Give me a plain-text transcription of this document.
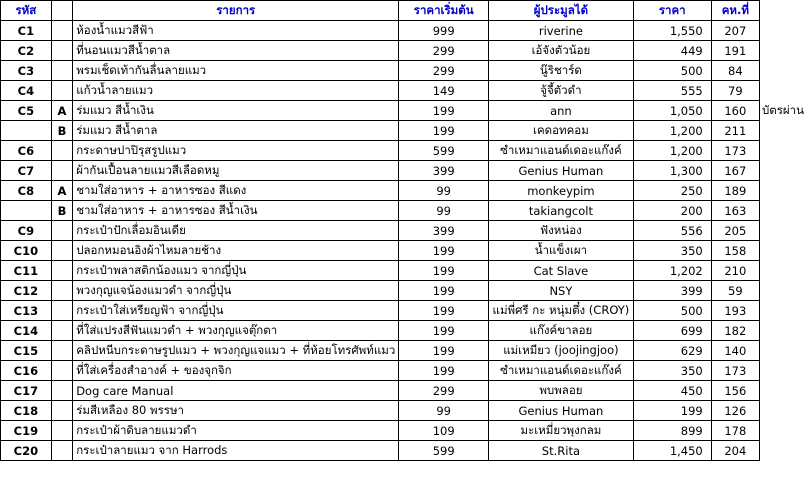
รหัส		รายการ	ราคาเริ่มต้น	ผู้ประมูลได้	ราคา	คห.ที่	
C1		ห้องน้ำแมวสีฟ้า	999	riverine	1,550	207	
C2		ที่นอนแมวสีน้ำตาล	299	เอ้จังตัวน้อย	449	191	
C3		พรมเช็ดเท้ากันลื่นลายแมว	299	นู๊ริชาร์ด	500	84	
C4		แก้วน้ำลายแมว	149	จู้จี้ตัวดำ	555	79	
C5	A	ร่มแมว สีน้ำเงิน	199	ann	1,050	160	บัตรผ่าน
	B	ร่มแมว สีน้ำตาล	199	เคดอทคอม	1,200	211	
C6		กระดาษปาปิรุสรูปแมว	599	ซำเหมาแอนด์เดอะแก๊งค์	1,200	173	
C7		ผ้ากันเปื้อนลายแมวสีเลือดหมู	399	Genius Human	1,300	167	
C8	A	ชามใส่อาหาร + อาหารซอง สีแดง	99	monkeypim	250	189	
	B	ชามใส่อาหาร + อาหารซอง สีน้ำเงิน	99	takiangcolt	200	163	
C9		กระเป๋าปักเลื่อมอินเดีย	399	ฟังหน่อง	556	205	
C10		ปลอกหมอนอิงผ้าไหมลายช้าง	199	น้ำแข็งเผา	350	158	
C11		กระเป๋าพลาสติกน้องแมว จากญี่ปุ่น	199	Cat Slave	1,202	210	
C12		พวงกุญแจน้องแมวดำ จากญี่ปุ่น	199	NSY	399	59	
C13		กระเป๋าใส่เหรียญฟ้า จากญี่ปุ่น	199	แม่พี่ศรี กะ หนุ่มตึ๋ง (CROY)	500	193	
C14		ที่ใส่แปรงสีฟันแมวดำ + พวงกุญแจตุ๊กตา	199	แก๊งค์ขาลอย	699	182	
C15		คลิปหนีบกระดาษรูปแมว + พวงกุญแจแมว + ที่ห้อยโทรศัพท์แมว	199	แม่เหมียว (joojingjoo)	629	140	
C16		ที่ใส่เครื่องสำอางค์ + ของจุกจิก	199	ซำเหมาแอนด์เดอะแก๊งค์	350	173	
C17		Dog care Manual	299	พบพลอย	450	156	
C18		ร่มสีเหลือง 80 พรรษา	99	Genius Human	199	126	
C19		กระเป๋าผ้าดิบลายแมวดำ	109	มะเหมี่ยวพุงกลม	899	178	
C20		กระเป๋าลายแมว จาก Harrods	599	St.Rita	1,450	204	
